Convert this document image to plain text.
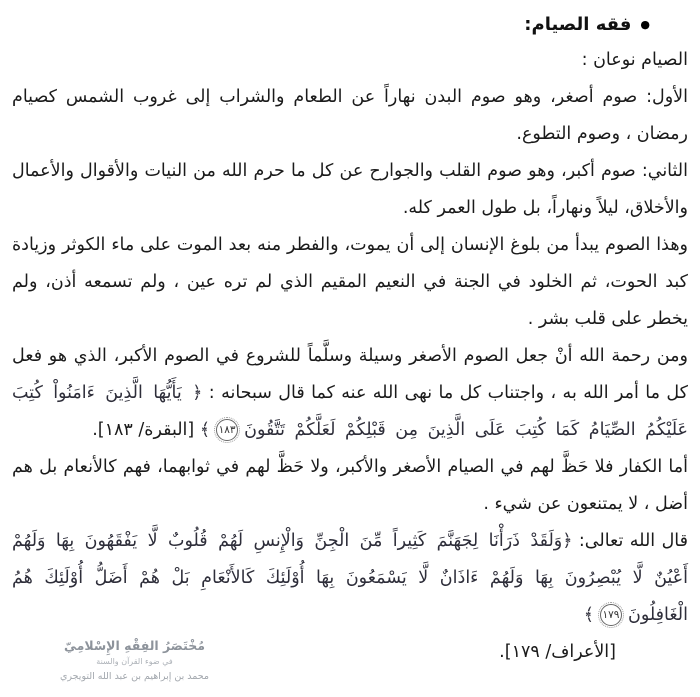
●فقه الصيام:
الصيام نوعان :
الأول: صوم أصغر، وهو صوم البدن نهاراً عن الطعام والشراب إلى غروب الشمس كصيام رمضان ، وصوم التطوع.
الثاني: صوم أكبر، وهو صوم القلب والجوارح عن كل ما حرم الله من النيات والأقوال والأعمال والأخلاق، ليلاً ونهاراً، بل طول العمر كله.
وهذا الصوم يبدأ من بلوغ الإنسان إلى أن يموت، والفطر منه بعد الموت على ماء الكوثر وزيادة كبد الحوت، ثم الخلود في الجنة في النعيم المقيم الذي لم تره عين ، ولم تسمعه أذن، ولم يخطر على قلب بشر .
ومن رحمة الله أنْ جعل الصوم الأصغر وسيلة وسلَّماً للشروع في الصوم الأكبر، الذي هو فعل كل ما أمر الله به ، واجتناب كل ما نهى الله عنه كما قال سبحانه : ﴿ يَأَيُّهَا الَّذِينَ ءَامَنُواْ كُتِبَ عَلَيْكُمُ الصِّيَامُ كَمَا كُتِبَ عَلَى الَّذِينَ مِن قَبْلِكُمْ لَعَلَّكُمْ تَتَّقُونَ١٨٣﴾ [البقرة/ ١٨٣].
أما الكفار فلا حَظَّ لهم في الصيام الأصغر والأكبر، ولا حَظَّ لهم في ثوابهما، فهم كالأنعام بل هم أضل ، لا يمتنعون عن شيء .
قال الله تعالى: ﴿وَلَقَدْ ذَرَأْنَا لِجَهَنَّمَ كَثِيراً مِّنَ الْجِنِّ وَالْإِنسِ لَهُمْ قُلُوبٌ لَّا يَفْقَهُونَ بِهَا وَلَهُمْ أَعْيُنٌ لَّا يُبْصِرُونَ بِهَا وَلَهُمْ ءَاذَانٌ لَّا يَسْمَعُونَ بِهَا أُوْلَئِكَ كَالأَنْعَامِ بَلْ هُمْ أَضَلُّ أُوْلَئِكَ هُمُ الْغَافِلُونَ١٧٩﴾
[الأعراف/ ١٧٩].
مُخْتَصَرُ الفِقْهِ الإِسْلامِيّ
في ضوء القرآن والسنة
محمد بن إبراهيم بن عبد الله التويجري
